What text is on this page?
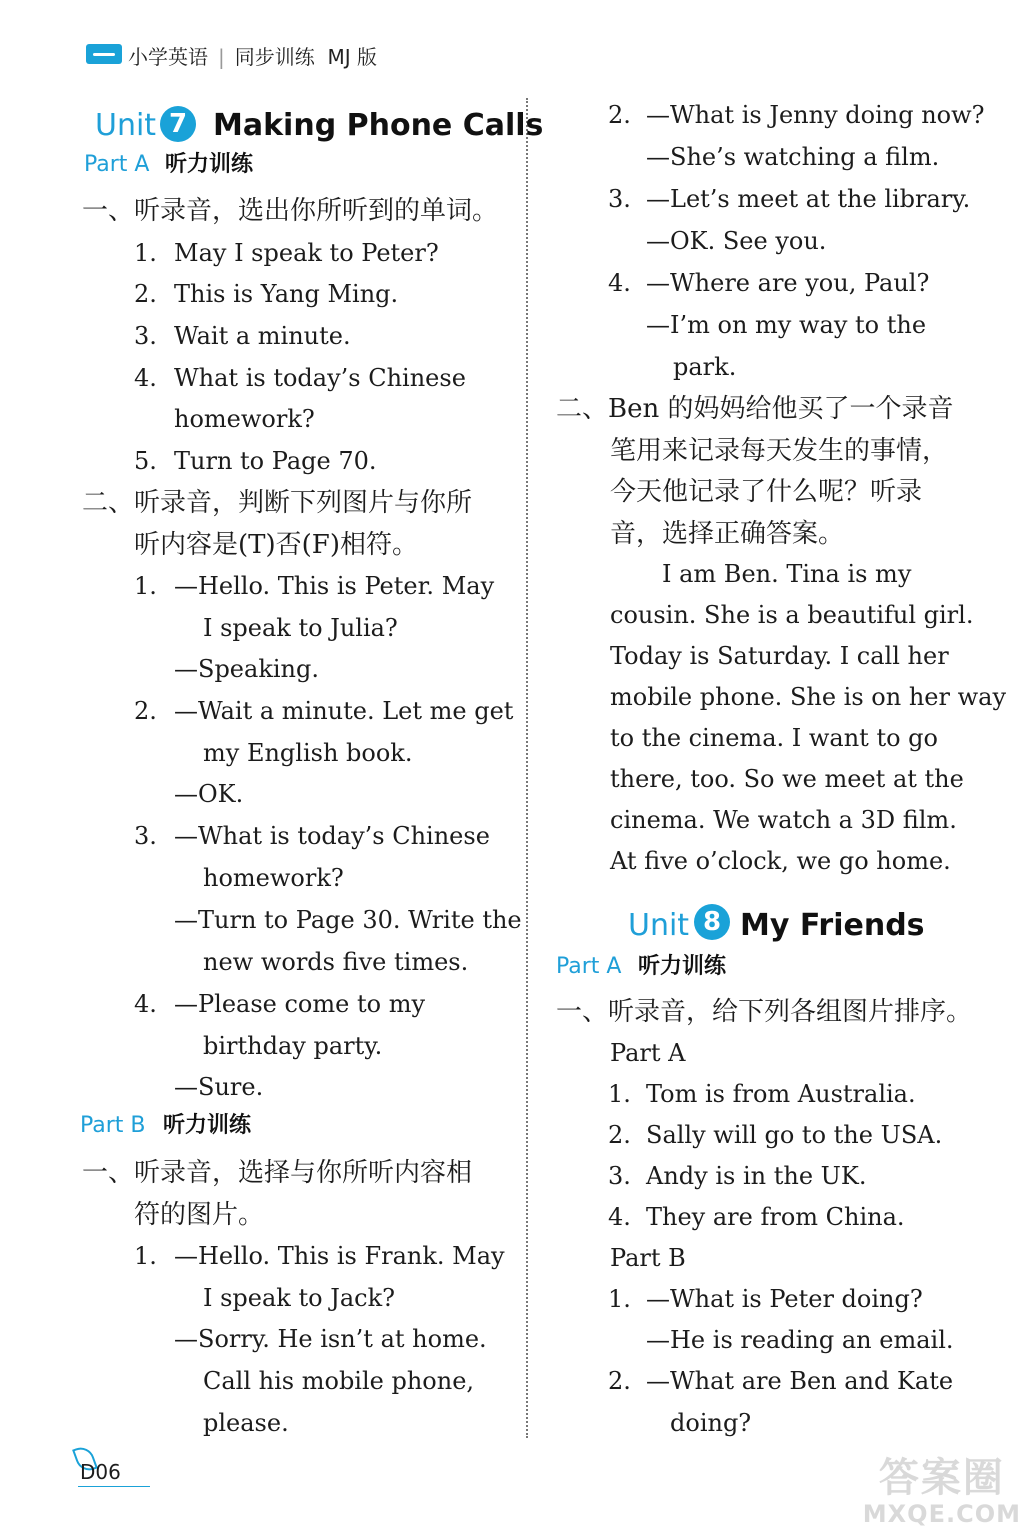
小学英语 | 同步训练 MJ 版
Unit 7 Making Phone Calls
Part A 听力训练
一、听录音，选出你所听到的单词。
1. May I speak to Peter?
2. This is Yang Ming.
3. Wait a minute.
4. What is today’s Chinese
homework?
5. Turn to Page 70.
二、听录音，判断下列图片与你所
听内容是(T)否(F)相符。
1. —Hello. This is Peter. May
I speak to Julia?
—Speaking.
2. —Wait a minute. Let me get
my English book.
—OK.
3. —What is today’s Chinese
homework?
—Turn to Page 30. Write the
new words five times.
4. —Please come to my
birthday party.
—Sure.
Part B 听力训练
一、听录音，选择与你所听内容相
符的图片。
1. —Hello. This is Frank. May
I speak to Jack?
—Sorry. He isn’t at home.
Call his mobile phone,
please.
D06
2. —What is Jenny doing now?
—She’s watching a film.
3. —Let’s meet at the library.
—OK. See you.
4. —Where are you, Paul?
—I’m on my way to the
park.
二、Ben 的妈妈给他买了一个录音
笔用来记录每天发生的事情，
今天他记录了什么呢？听录
音，选择正确答案。
I am Ben. Tina is my
cousin. She is a beautiful girl.
Today is Saturday. I call her
mobile phone. She is on her way
to the cinema. I want to go
there, too. So we meet at the
cinema. We watch a 3D film.
At five o’clock, we go home.
Unit 8 My Friends
Part A 听力训练
一、听录音，给下列各组图片排序。
Part A
1. Tom is from Australia.
2. Sally will go to the USA.
3. Andy is in the UK.
4. They are from China.
Part B
1. —What is Peter doing?
—He is reading an email.
2. —What are Ben and Kate
doing?
答案圈
MXQE.COM
